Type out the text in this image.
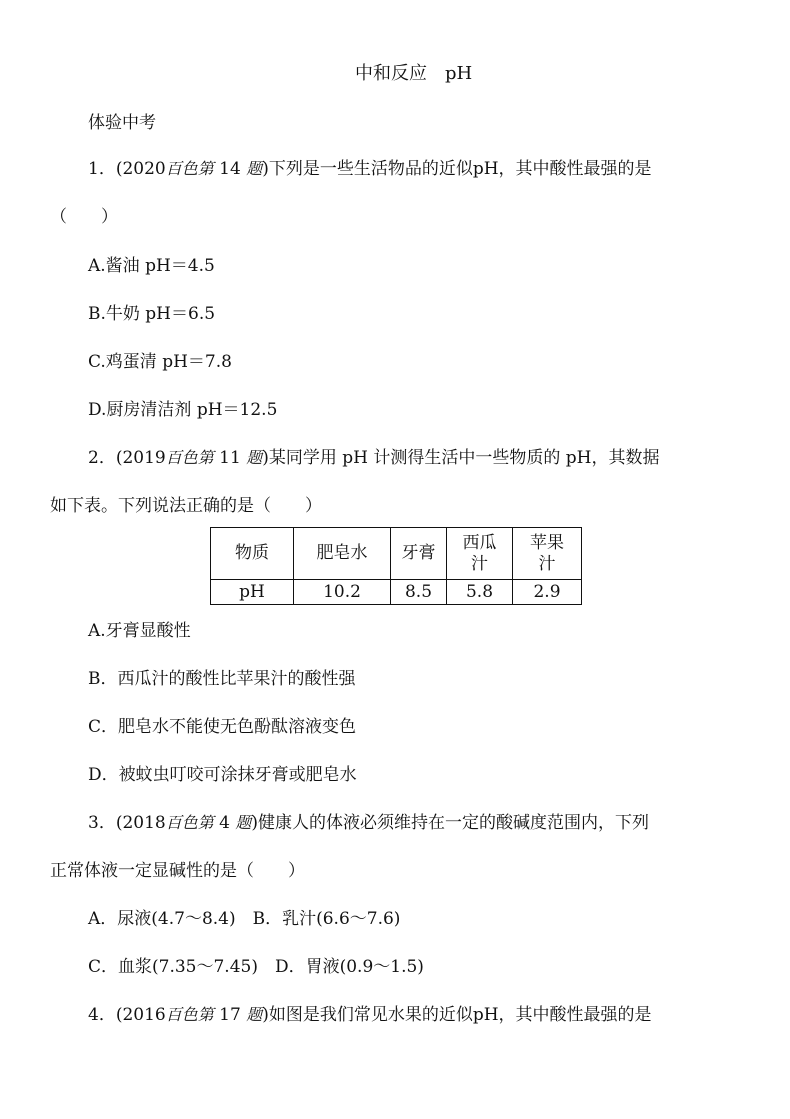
中和反应 pH
体验中考
1．(2020百色第 14 题)下列是一些生活物品的近似pH，其中酸性最强的是
（　　）
A.酱油 pH＝4.5
B.牛奶 pH＝6.5
C.鸡蛋清 pH＝7.8
D.厨房清洁剂 pH＝12.5
2．(2019百色第 11 题)某同学用 pH 计测得生活中一些物质的 pH，其数据
如下表。下列说法正确的是（　　）
物质	肥皂水	牙膏	西瓜汁	苹果汁

pH	10.2	8.5	5.8	2.9
A.牙膏显酸性
B．西瓜汁的酸性比苹果汁的酸性强
C．肥皂水不能使无色酚酞溶液变色
D．被蚊虫叮咬可涂抹牙膏或肥皂水
3．(2018百色第 4 题)健康人的体液必须维持在一定的酸碱度范围内，下列
正常体液一定显碱性的是（　　）
A．尿液(4.7～8.4)　B．乳汁(6.6～7.6)
C．血浆(7.35～7.45)　D．胃液(0.9～1.5)
4．(2016百色第 17 题)如图是我们常见水果的近似pH，其中酸性最强的是
